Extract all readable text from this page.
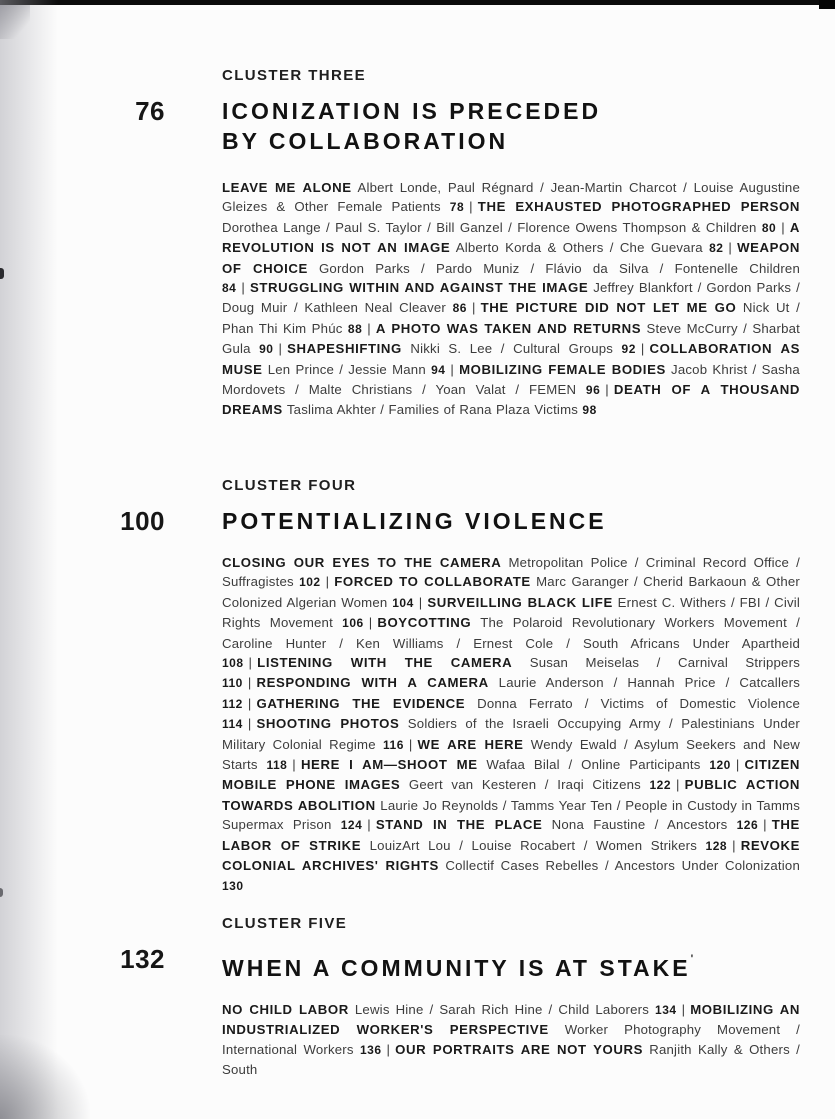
CLUSTER THREE
76 ICONIZATION IS PRECEDED
BY COLLABORATION

LEAVE ME ALONE Albert Londe, Paul Régnard / Jean-Martin Charcot / Louise Augustine Gleizes & Other Female Patients 78 | THE EXHAUSTED PHOTOGRAPHED PERSON Dorothea Lange / Paul S. Taylor / Bill Ganzel / Florence Owens Thompson & Children 80 | A REVOLUTION IS NOT AN IMAGE Alberto Korda & Others / Che Guevara 82 | WEAPON OF CHOICE Gordon Parks / Pardo Muniz / Flávio da Silva / Fontenelle Children 84 | STRUGGLING WITHIN AND AGAINST THE IMAGE Jeffrey Blankfort / Gordon Parks / Doug Muir / Kathleen Neal Cleaver 86 | THE PICTURE DID NOT LET ME GO Nick Ut / Phan Thi Kim Phúc 88 | A PHOTO WAS TAKEN AND RETURNS Steve McCurry / Sharbat Gula 90 | SHAPESHIFTING Nikki S. Lee / Cultural Groups 92 | COLLABORATION AS MUSE Len Prince / Jessie Mann 94 | MOBILIZING FEMALE BODIES Jacob Khrist / Sasha Mordovets / Malte Christians / Yoan Valat / FEMEN 96 | DEATH OF A THOUSAND DREAMS Taslima Akhter / Families of Rana Plaza Victims 98

CLUSTER FOUR
100 POTENTIALIZING VIOLENCE

CLOSING OUR EYES TO THE CAMERA Metropolitan Police / Criminal Record Office / Suffragistes 102 | FORCED TO COLLABORATE Marc Garanger / Cherid Barkaoun & Other Colonized Algerian Women 104 | SURVEILLING BLACK LIFE Ernest C. Withers / FBI / Civil Rights Movement 106 | BOYCOTTING The Polaroid Revolutionary Workers Movement / Caroline Hunter / Ken Williams / Ernest Cole / South Africans Under Apartheid 108 | LISTENING WITH THE CAMERA Susan Meiselas / Carnival Strippers 110 | RESPONDING WITH A CAMERA Laurie Anderson / Hannah Price / Catcallers 112 | GATHERING THE EVIDENCE Donna Ferrato / Victims of Domestic Violence 114 | SHOOTING PHOTOS Soldiers of the Israeli Occupying Army / Palestinians Under Military Colonial Regime 116 | WE ARE HERE Wendy Ewald / Asylum Seekers and New Starts 118 | HERE I AM—SHOOT ME Wafaa Bilal / Online Participants 120 | CITIZEN MOBILE PHONE IMAGES Geert van Kesteren / Iraqi Citizens 122 | PUBLIC ACTION TOWARDS ABOLITION Laurie Jo Reynolds / Tamms Year Ten / People in Custody in Tamms Supermax Prison 124 | STAND IN THE PLACE Nona Faustine / Ancestors 126 | THE LABOR OF STRIKE LouizArt Lou / Louise Rocabert / Women Strikers 128 | REVOKE COLONIAL ARCHIVES' RIGHTS Collectif Cases Rebelles / Ancestors Under Colonization 130

CLUSTER FIVE
132 WHEN A COMMUNITY IS AT STAKE'

NO CHILD LABOR Lewis Hine / Sarah Rich Hine / Child Laborers 134 | MOBILIZING AN INDUSTRIALIZED WORKER'S PERSPECTIVE Worker Photography Movement / International Workers 136 | OUR PORTRAITS ARE NOT YOURS Ranjith Kally & Others / South
